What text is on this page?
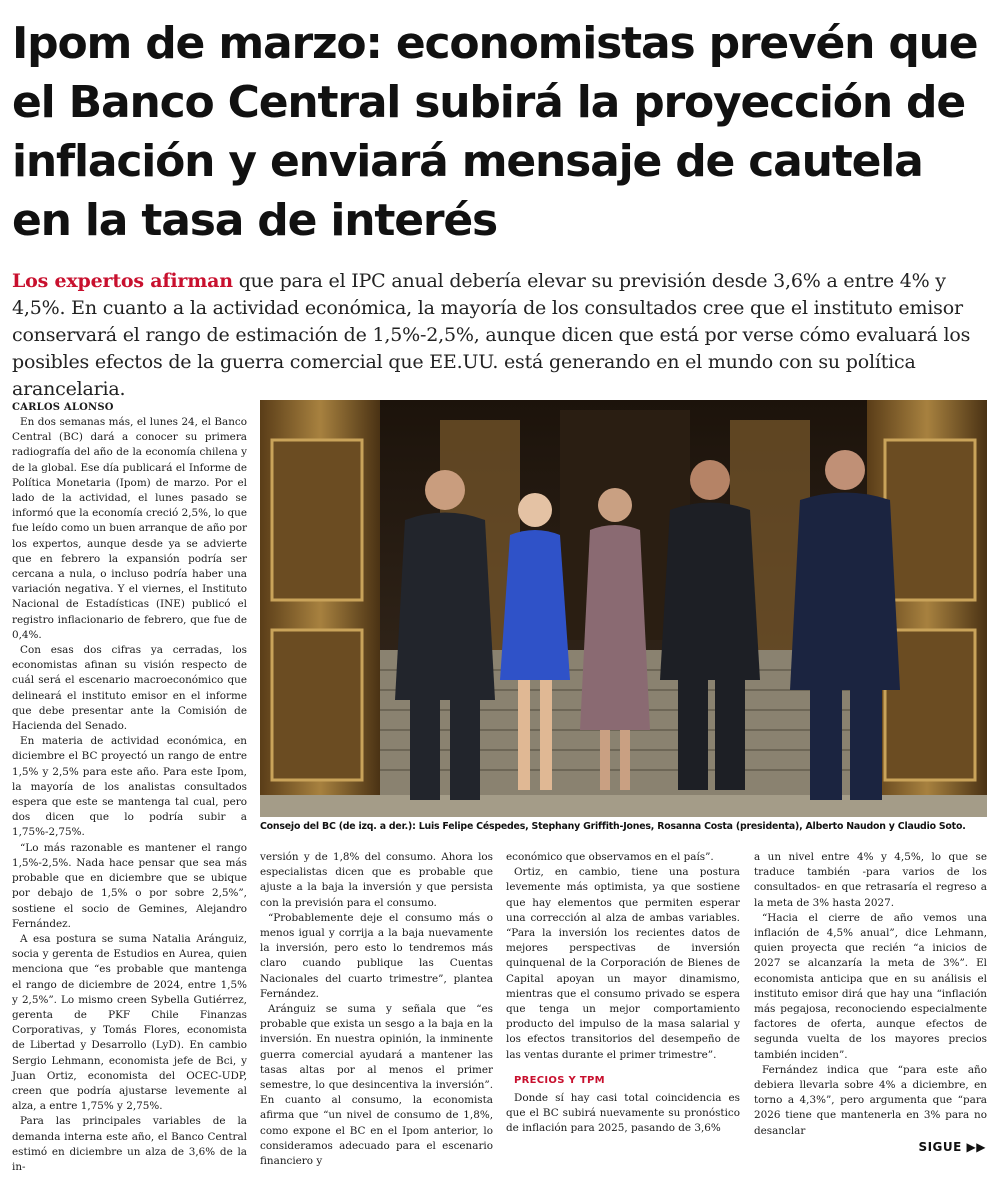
Ipom de marzo: economistas prevén que el Banco Central subirá la proyección de inflación y enviará mensaje de cautela en la tasa de interés

Los expertos afirman que para el IPC anual debería elevar su previsión desde 3,6% a entre 4% y 4,5%. En cuanto a la actividad económica, la mayoría de los consultados cree que el instituto emisor conservará el rango de estimación de 1,5%-2,5%, aunque dicen que está por verse cómo evaluará los posibles efectos de la guerra comercial que EE.UU. está generando en el mundo con su política arancelaria.

CARLOS ALONSO

En dos semanas más, el lunes 24, el Banco Central (BC) dará a conocer su primera radiografía del año de la economía chilena y de la global. Ese día publicará el Informe de Política Monetaria (Ipom) de marzo. Por el lado de la actividad, el lunes pasado se informó que la economía creció 2,5%, lo que fue leído como un buen arranque de año por los expertos, aunque desde ya se advierte que en febrero la expansión podría ser cercana a nula, o incluso podría haber una variación negativa. Y el viernes, el Instituto Nacional de Estadísticas (INE) publicó el registro inflacionario de febrero, que fue de 0,4%.

Con esas dos cifras ya cerradas, los economistas afinan su visión respecto de cuál será el escenario macroeconómico que delineará el instituto emisor en el informe que debe presentar ante la Comisión de Hacienda del Senado.

En materia de actividad económica, en diciembre el BC proyectó un rango de entre 1,5% y 2,5% para este año. Para este Ipom, la mayoría de los analistas consultados espera que este se mantenga tal cual, pero dos dicen que lo podría subir a 1,75%-2,75%.

“Lo más razonable es mantener el rango 1,5%-2,5%. Nada hace pensar que sea más probable que en diciembre que se ubique por debajo de 1,5% o por sobre 2,5%”, sostiene el socio de Gemines, Alejandro Fernández.

A esa postura se suma Natalia Aránguiz, socia y gerenta de Estudios en Aurea, quien menciona que “es probable que mantenga el rango de diciembre de 2024, entre 1,5% y 2,5%”. Lo mismo creen Sybella Gutiérrez, gerenta de PKF Chile Finanzas Corporativas, y Tomás Flores, economista de Libertad y Desarrollo (LyD). En cambio Sergio Lehmann, economista jefe de Bci, y Juan Ortiz, economista del OCEC-UDP, creen que podría ajustarse levemente al alza, a entre 1,75% y 2,75%.

Para las principales variables de la demanda interna este año, el Banco Central estimó en diciembre un alza de 3,6% de la in-

Consejo del BC (de izq. a der.): Luis Felipe Céspedes, Stephany Griffith-Jones, Rosanna Costa (presidenta), Alberto Naudon y Claudio Soto.

versión y de 1,8% del consumo. Ahora los especialistas dicen que es probable que ajuste a la baja la inversión y que persista con la previsión para el consumo.

“Probablemente deje el consumo más o menos igual y corrija a la baja nuevamente la inversión, pero esto lo tendremos más claro cuando publique las Cuentas Nacionales del cuarto trimestre”, plantea Fernández.

Aránguiz se suma y señala que “es probable que exista un sesgo a la baja en la inversión. En nuestra opinión, la inminente guerra comercial ayudará a mantener las tasas altas por al menos el primer semestre, lo que desincentiva la inversión”. En cuanto al consumo, la economista afirma que “un nivel de consumo de 1,8%, como expone el BC en el Ipom anterior, lo consideramos adecuado para el escenario financiero y

económico que observamos en el país”.

Ortiz, en cambio, tiene una postura levemente más optimista, ya que sostiene que hay elementos que permiten esperar una corrección al alza de ambas variables. “Para la inversión los recientes datos de mejores perspectivas de inversión quinquenal de la Corporación de Bienes de Capital apoyan un mayor dinamismo, mientras que el consumo privado se espera que tenga un mejor comportamiento producto del impulso de la masa salarial y los efectos transitorios del desempeño de las ventas durante el primer trimestre”.

PRECIOS Y TPM

Donde sí hay casi total coincidencia es que el BC subirá nuevamente su pronóstico de inflación para 2025, pasando de 3,6%

a un nivel entre 4% y 4,5%, lo que se traduce también -para varios de los consultados- en que retrasaría el regreso a la meta de 3% hasta 2027.

“Hacia el cierre de año vemos una inflación de 4,5% anual”, dice Lehmann, quien proyecta que recién “a inicios de 2027 se alcanzaría la meta de 3%”. El economista anticipa que en su análisis el instituto emisor dirá que hay una “inflación más pegajosa, reconociendo especialmente factores de oferta, aunque efectos de segunda vuelta de los mayores precios también inciden”.

Fernández indica que “para este año debiera llevarla sobre 4% a diciembre, en torno a 4,3%”, pero argumenta que “para 2026 tiene que mantenerla en 3% para no desanclar

SIGUE ▶▶
